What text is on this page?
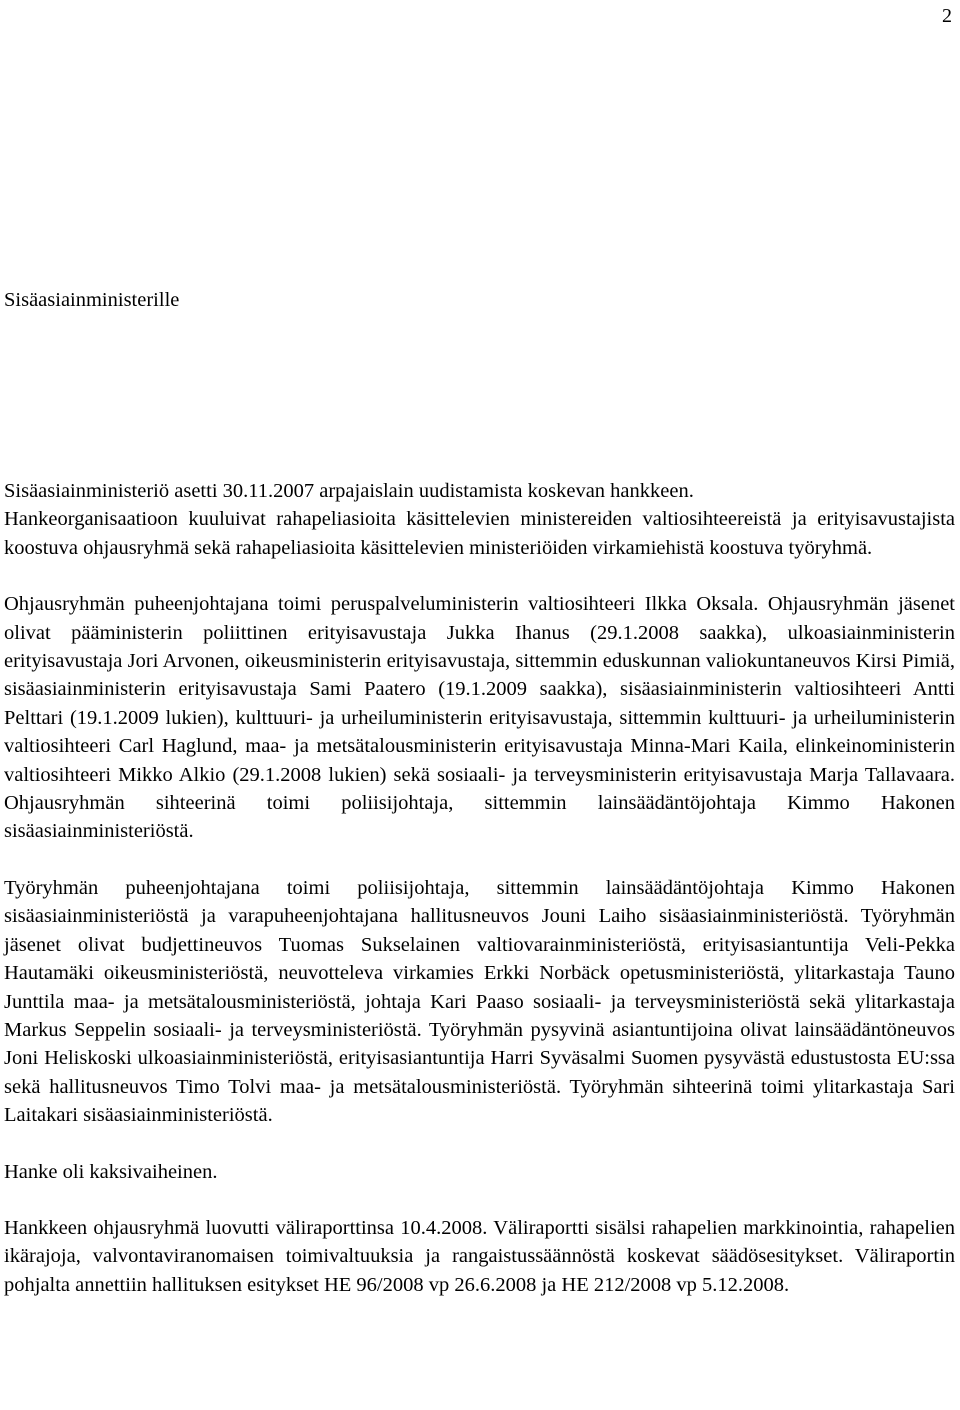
2
Sisäasiainministerille

Sisäasiainministeriö asetti 30.11.2007 arpajaislain uudistamista koskevan hankkeen.

Hankeorganisaatioon kuuluivat rahapeliasioita käsittelevien ministereiden valtiosihteereistä ja erityisavustajista koostuva ohjausryhmä sekä rahapeliasioita käsittelevien ministeriöiden virkamiehistä koostuva työryhmä.

Ohjausryhmän puheenjohtajana toimi peruspalveluministerin valtiosihteeri Ilkka Oksala. Ohjausryhmän jäsenet olivat pääministerin poliittinen erityisavustaja Jukka Ihanus (29.1.2008 saakka), ulkoasiainministerin erityisavustaja Jori Arvonen, oikeusministerin erityisavustaja, sittemmin eduskunnan valiokuntaneuvos Kirsi Pimiä, sisäasiainministerin erityisavustaja Sami Paatero (19.1.2009 saakka), sisäasiainministerin valtiosihteeri Antti Pelttari (19.1.2009 lukien), kulttuuri- ja urheiluministerin erityisavustaja, sittemmin kulttuuri- ja urheiluministerin valtiosihteeri Carl Haglund, maa- ja metsätalousministerin erityisavustaja Minna-Mari Kaila, elinkeinoministerin valtiosihteeri Mikko Alkio (29.1.2008 lukien) sekä sosiaali- ja terveysministerin erityisavustaja Marja Tallavaara. Ohjausryhmän sihteerinä toimi poliisijohtaja, sittemmin lainsäädäntöjohtaja Kimmo Hakonen sisäasiainministeriöstä.

Työryhmän puheenjohtajana toimi poliisijohtaja, sittemmin lainsäädäntöjohtaja Kimmo Hakonen sisäasiainministeriöstä ja varapuheenjohtajana hallitusneuvos Jouni Laiho sisäasiainministeriöstä. Työryhmän jäsenet olivat budjettineuvos Tuomas Sukselainen valtiovarainministeriöstä, erityisasiantuntija Veli-Pekka Hautamäki oikeusministeriöstä, neuvotteleva virkamies Erkki Norbäck opetusministeriöstä, ylitarkastaja Tauno Junttila maa- ja metsätalousministeriöstä, johtaja Kari Paaso sosiaali- ja terveysministeriöstä sekä ylitarkastaja Markus Seppelin sosiaali- ja terveysministeriöstä. Työryhmän pysyvinä asiantuntijoina olivat lainsäädäntöneuvos Joni Heliskoski ulkoasiainministeriöstä, erityisasiantuntija Harri Syväsalmi Suomen pysyvästä edustustosta EU:ssa sekä hallitusneuvos Timo Tolvi maa- ja metsätalousministeriöstä. Työryhmän sihteerinä toimi ylitarkastaja Sari Laitakari sisäasiainministeriöstä.

Hanke oli kaksivaiheinen.

Hankkeen ohjausryhmä luovutti väliraporttinsa 10.4.2008. Väliraportti sisälsi rahapelien markkinointia, rahapelien ikärajoja, valvontaviranomaisen toimivaltuuksia ja rangaistussäännöstä koskevat säädösesitykset. Väliraportin pohjalta annettiin hallituksen esitykset HE 96/2008 vp 26.6.2008 ja HE 212/2008 vp 5.12.2008.
